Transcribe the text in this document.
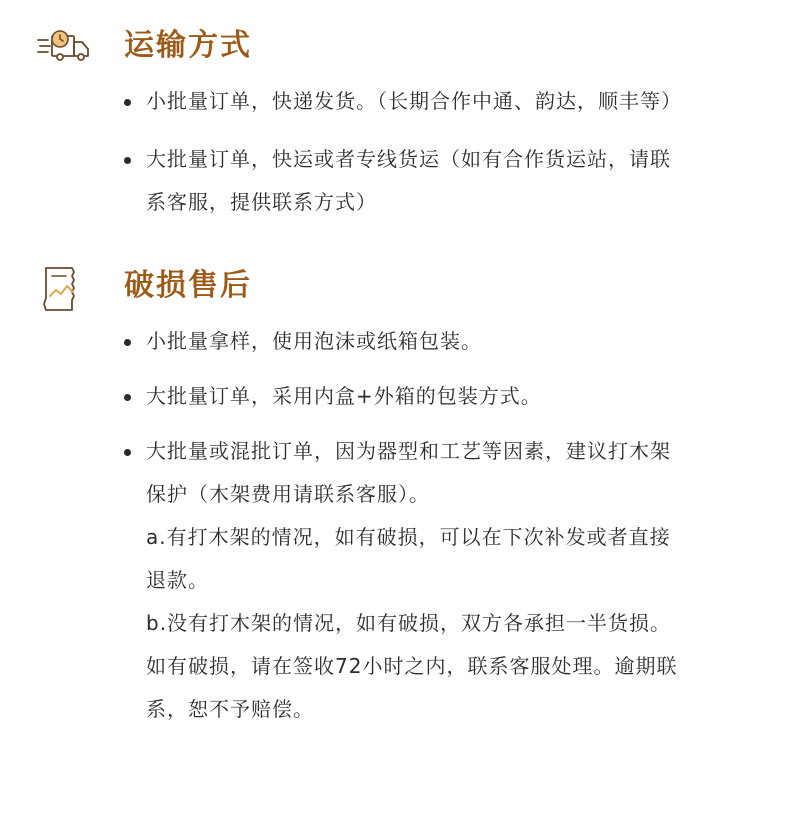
运输方式
小批量订单，快递发货。（长期合作中通、韵达，顺丰等）
大批量订单，快运或者专线货运（如有合作货运站，请联
系客服，提供联系方式）
破损售后
小批量拿样，使用泡沫或纸箱包装。
大批量订单，采用内盒+外箱的包装方式。
大批量或混批订单，因为器型和工艺等因素，建议打木架
保护（木架费用请联系客服）。
a.有打木架的情况，如有破损，可以在下次补发或者直接
退款。
b.没有打木架的情况，如有破损，双方各承担一半货损。
如有破损，请在签收72小时之内，联系客服处理。逾期联
系，恕不予赔偿。
